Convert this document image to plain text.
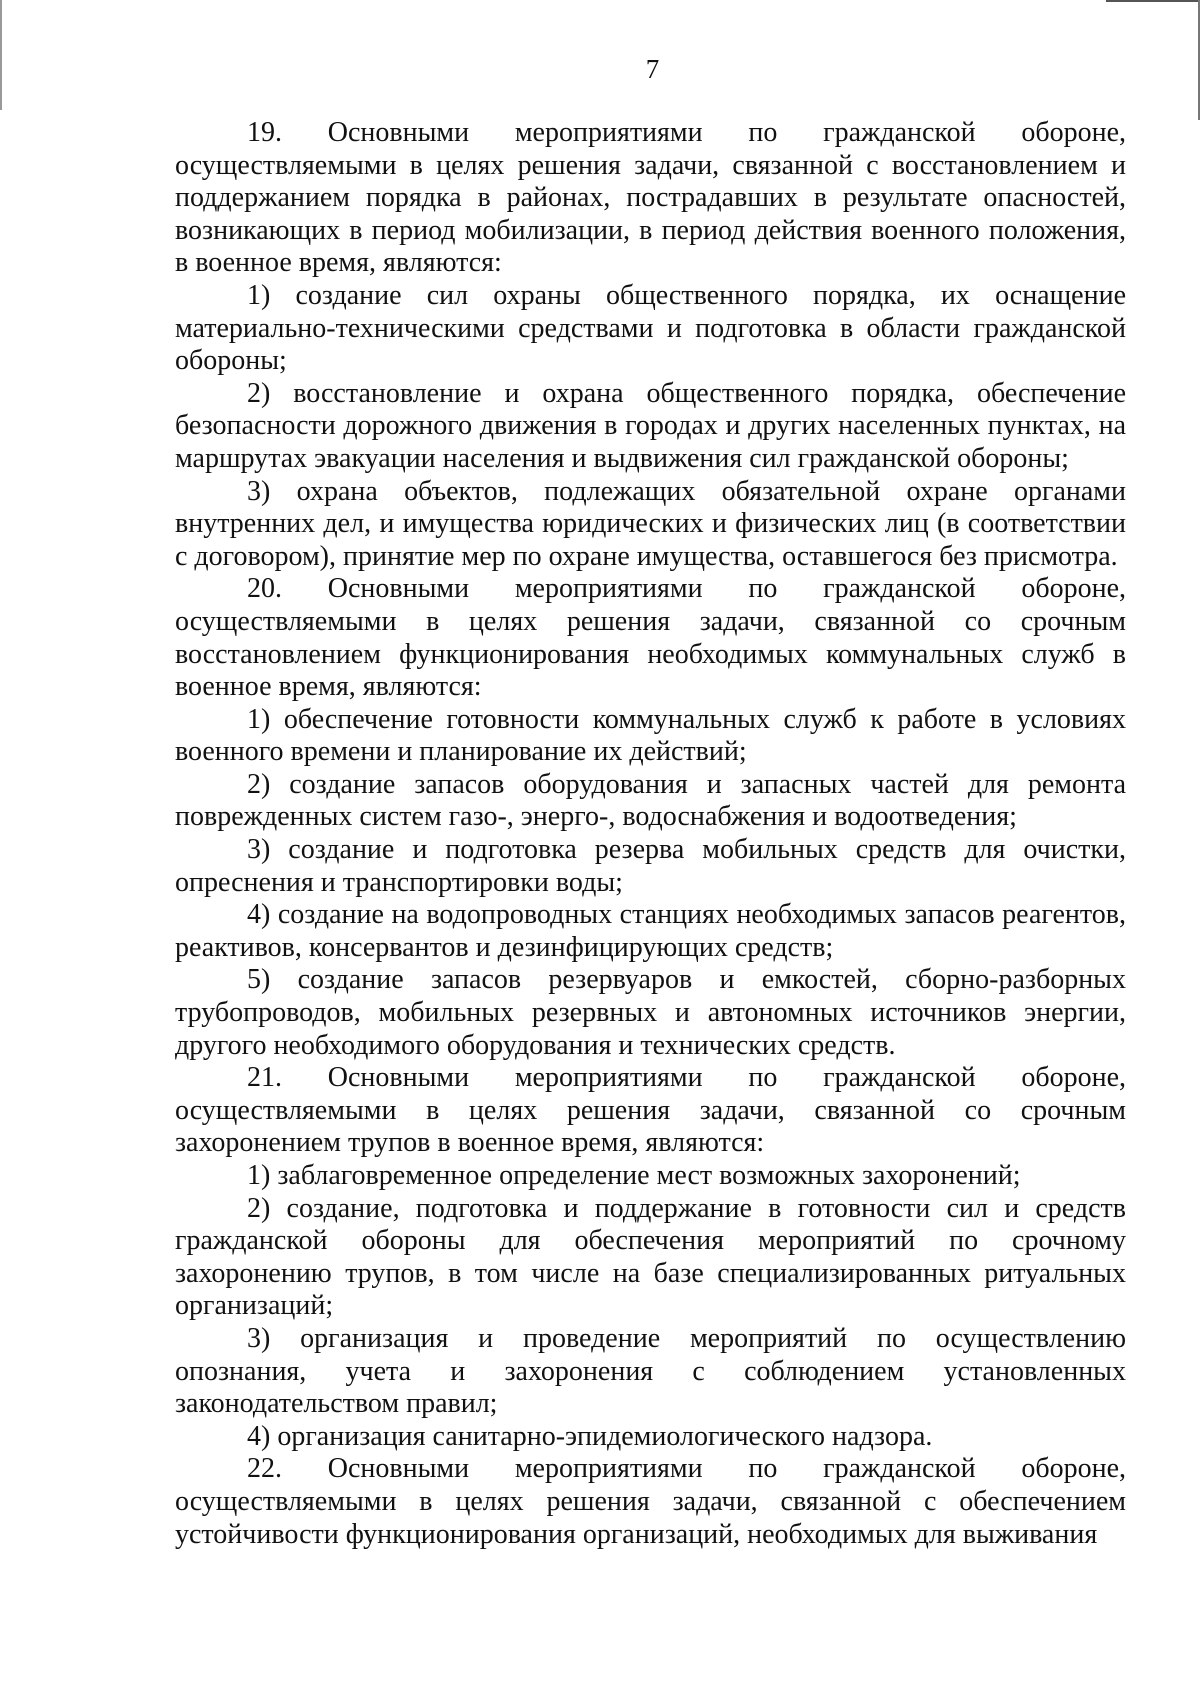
7

19. Основными мероприятиями по гражданской обороне, осуществляемыми в целях решения задачи, связанной с восстановлением и поддержанием порядка в районах, пострадавших в результате опасностей, возникающих в период мобилизации, в период действия военного положения, в военное время, являются:

1) создание сил охраны общественного порядка, их оснащение материально-техническими средствами и подготовка в области гражданской обороны;

2) восстановление и охрана общественного порядка, обеспечение безопасности дорожного движения в городах и других населенных пунктах, на маршрутах эвакуации населения и выдвижения сил гражданской обороны;

3) охрана объектов, подлежащих обязательной охране органами внутренних дел, и имущества юридических и физических лиц (в соответствии с договором), принятие мер по охране имущества, оставшегося без присмотра.

20. Основными мероприятиями по гражданской обороне, осуществляемыми в целях решения задачи, связанной со срочным восстановлением функционирования необходимых коммунальных служб в военное время, являются:

1) обеспечение готовности коммунальных служб к работе в условиях военного времени и планирование их действий;

2) создание запасов оборудования и запасных частей для ремонта поврежденных систем газо-, энерго-, водоснабжения и водоотведения;

3) создание и подготовка резерва мобильных средств для очистки, опреснения и транспортировки воды;

4) создание на водопроводных станциях необходимых запасов реагентов, реактивов, консервантов и дезинфицирующих средств;

5) создание запасов резервуаров и емкостей, сборно-разборных трубопроводов, мобильных резервных и автономных источников энергии, другого необходимого оборудования и технических средств.

21. Основными мероприятиями по гражданской обороне, осуществляемыми в целях решения задачи, связанной со срочным захоронением трупов в военное время, являются:

1) заблаговременное определение мест возможных захоронений;

2) создание, подготовка и поддержание в готовности сил и средств гражданской обороны для обеспечения мероприятий по срочному захоронению трупов, в том числе на базе специализированных ритуальных организаций;

3) организация и проведение мероприятий по осуществлению опознания, учета и захоронения с соблюдением установленных законодательством правил;

4) организация санитарно-эпидемиологического надзора.

22. Основными мероприятиями по гражданской обороне, осуществляемыми в целях решения задачи, связанной с обеспечением устойчивости функционирования организаций, необходимых для выживания
